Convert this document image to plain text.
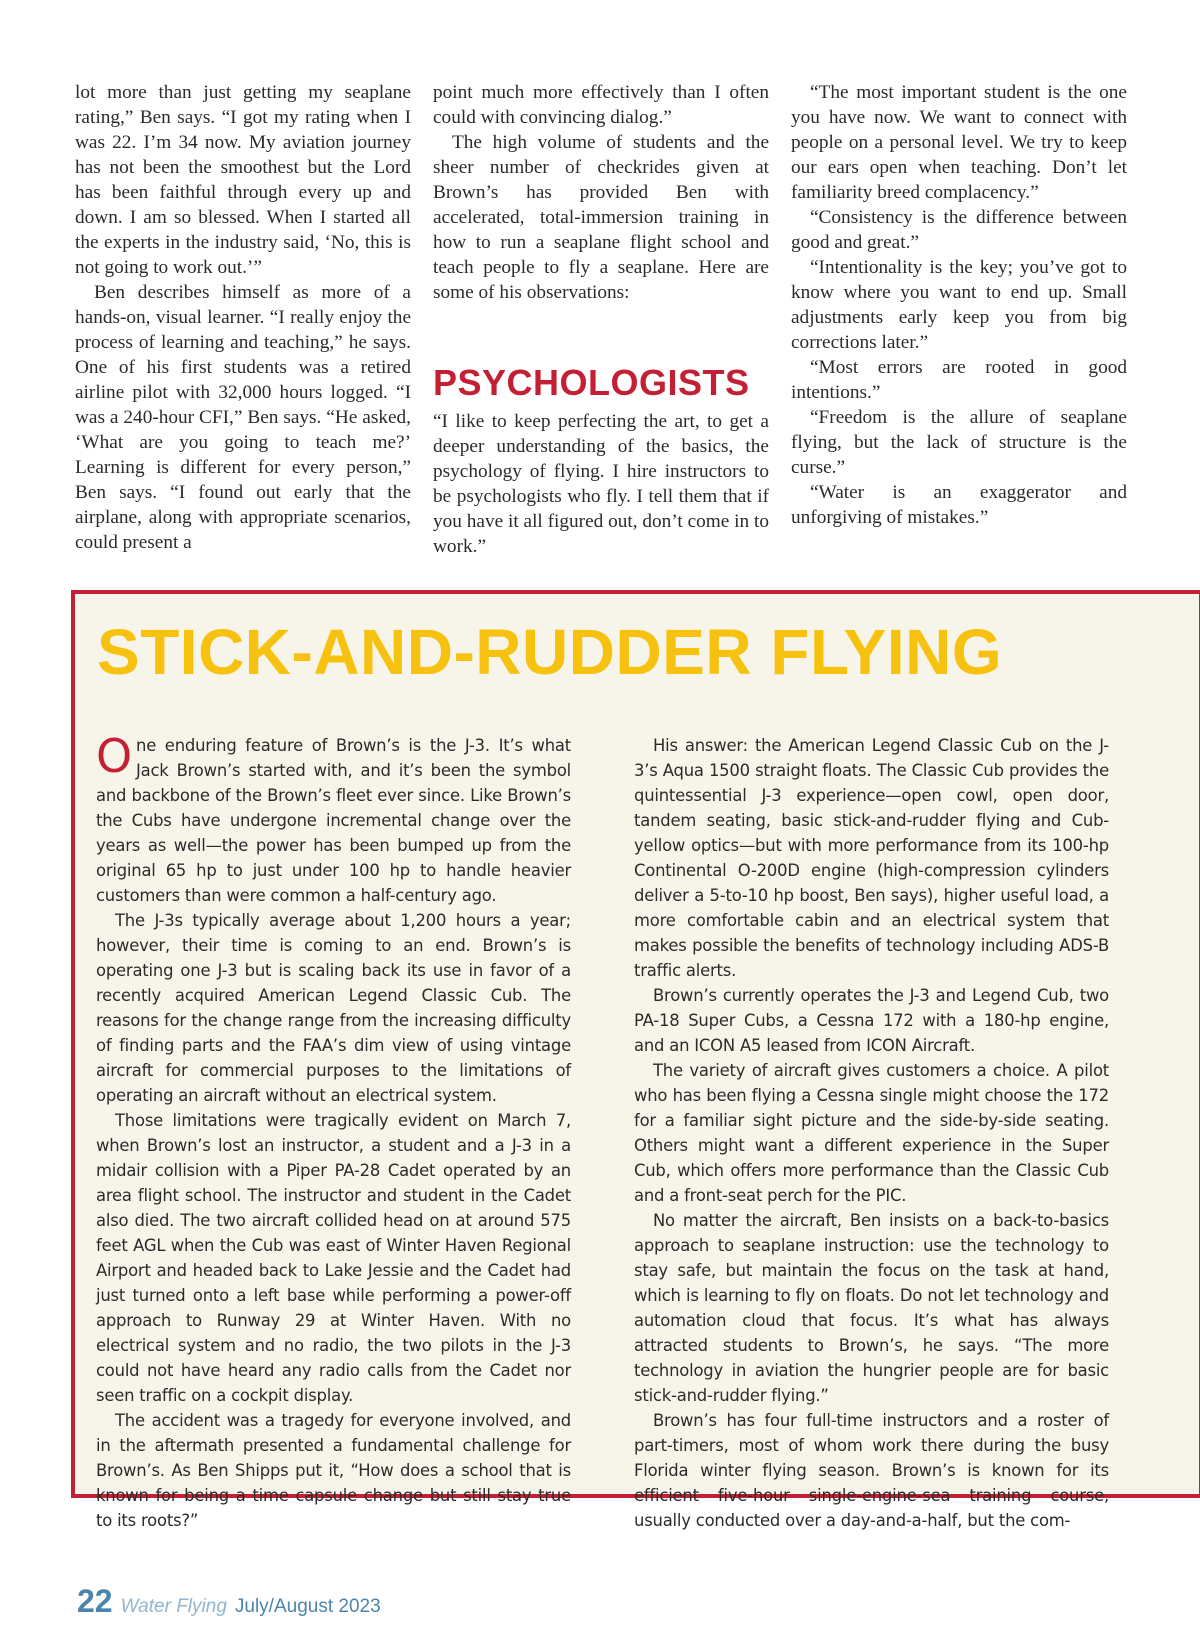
lot more than just getting my seaplane rating,” Ben says. “I got my rating when I was 22. I’m 34 now. My aviation journey has not been the smoothest but the Lord has been faithful through every up and down. I am so blessed. When I started all the experts in the industry said, ‘No, this is not going to work out.’”

Ben describes himself as more of a hands-on, visual learner. “I really enjoy the process of learning and teaching,” he says. One of his first students was a retired airline pilot with 32,000 hours logged. “I was a 240-hour CFI,” Ben says. “He asked, ‘What are you going to teach me?’ Learning is different for every person,” Ben says. “I found out early that the airplane, along with appropriate scenarios, could present a

point much more effectively than I often could with convincing dialog.”

The high volume of students and the sheer number of checkrides given at Brown’s has provided Ben with accelerated, total-immersion training in how to run a seaplane flight school and teach people to fly a seaplane. Here are some of his observations:

PSYCHOLOGISTS

“I like to keep perfecting the art, to get a deeper understanding of the basics, the psychology of flying. I hire instructors to be psychologists who fly. I tell them that if you have it all figured out, don’t come in to work.”

“The most important student is the one you have now. We want to connect with people on a personal level. We try to keep our ears open when teaching. Don’t let familiarity breed complacency.”

“Consistency is the difference between good and great.”

“Intentionality is the key; you’ve got to know where you want to end up. Small adjustments early keep you from big corrections later.”

“Most errors are rooted in good intentions.”

“Freedom is the allure of seaplane flying, but the lack of structure is the curse.”

“Water is an exaggerator and unforgiving of mistakes.”

STICK-AND-RUDDER FLYING

One enduring feature of Brown’s is the J-3. It’s what Jack Brown’s started with, and it’s been the symbol and backbone of the Brown’s fleet ever since. Like Brown’s the Cubs have undergone incremental change over the years as well—the power has been bumped up from the original 65 hp to just under 100 hp to handle heavier customers than were common a half-century ago.

The J-3s typically average about 1,200 hours a year; however, their time is coming to an end. Brown’s is operating one J-3 but is scaling back its use in favor of a recently acquired American Legend Classic Cub. The reasons for the change range from the increasing difficulty of finding parts and the FAA’s dim view of using vintage aircraft for commercial purposes to the limitations of operating an aircraft without an electrical system.

Those limitations were tragically evident on March 7, when Brown’s lost an instructor, a student and a J-3 in a midair collision with a Piper PA-28 Cadet operated by an area flight school. The instructor and student in the Cadet also died. The two aircraft collided head on at around 575 feet AGL when the Cub was east of Winter Haven Regional Airport and headed back to Lake Jessie and the Cadet had just turned onto a left base while performing a power-off approach to Runway 29 at Winter Haven. With no electrical system and no radio, the two pilots in the J-3 could not have heard any radio calls from the Cadet nor seen traffic on a cockpit display.

The accident was a tragedy for everyone involved, and in the aftermath presented a fundamental challenge for Brown’s. As Ben Shipps put it, “How does a school that is known for being a time capsule change but still stay true to its roots?”

His answer: the American Legend Classic Cub on the J-3’s Aqua 1500 straight floats. The Classic Cub provides the quintessential J-3 experience—open cowl, open door, tandem seating, basic stick-and-rudder flying and Cub-yellow optics—but with more performance from its 100-hp Continental O-200D engine (high-compression cylinders deliver a 5-to-10 hp boost, Ben says), higher useful load, a more comfortable cabin and an electrical system that makes possible the benefits of technology including ADS-B traffic alerts.

Brown’s currently operates the J-3 and Legend Cub, two PA-18 Super Cubs, a Cessna 172 with a 180-hp engine, and an ICON A5 leased from ICON Aircraft.

The variety of aircraft gives customers a choice. A pilot who has been flying a Cessna single might choose the 172 for a familiar sight picture and the side-by-side seating. Others might want a different experience in the Super Cub, which offers more performance than the Classic Cub and a front-seat perch for the PIC.

No matter the aircraft, Ben insists on a back-to-basics approach to seaplane instruction: use the technology to stay safe, but maintain the focus on the task at hand, which is learning to fly on floats. Do not let technology and automation cloud that focus. It’s what has always attracted students to Brown’s, he says. “The more technology in aviation the hungrier people are for basic stick-and-rudder flying.”

Brown’s has four full-time instructors and a roster of part-timers, most of whom work there during the busy Florida winter flying season. Brown’s is known for its efficient five-hour single-engine-sea training course, usually conducted over a day-and-a-half, but the com-

22 Water Flying July/August 2023
